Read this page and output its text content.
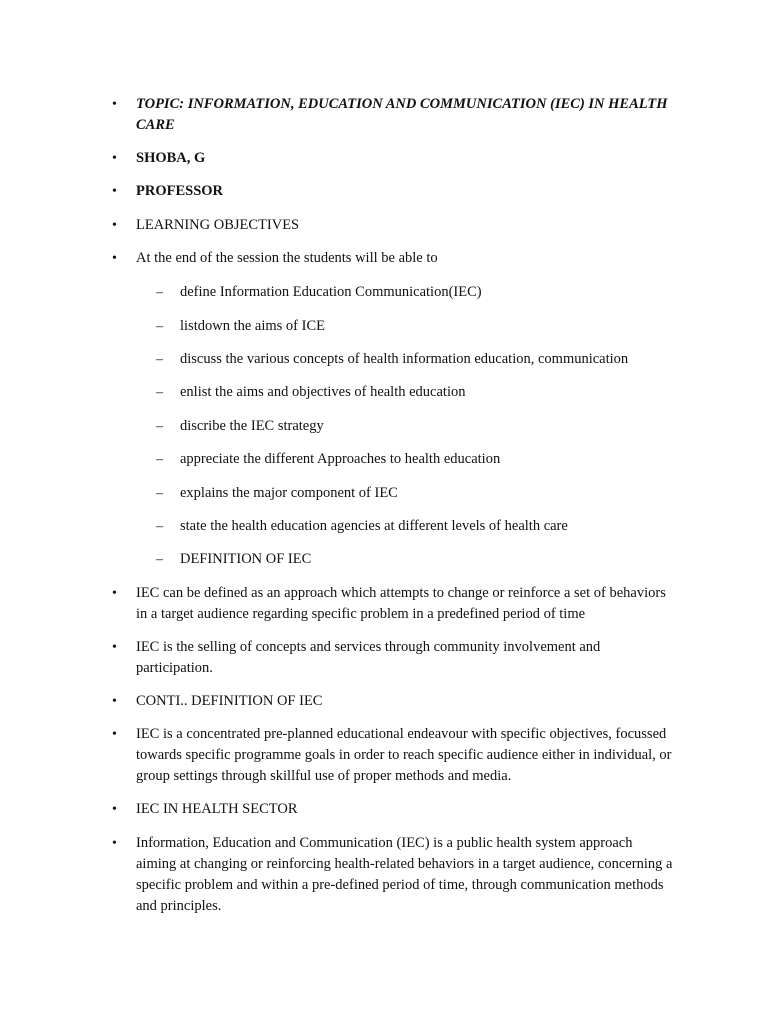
• TOPIC: INFORMATION, EDUCATION AND COMMUNICATION (IEC) IN HEALTH CARE
• SHOBA, G
• PROFESSOR
• LEARNING OBJECTIVES
• At the end of the session the students will be able to
– define Information Education Communication(IEC)
– listdown the aims of ICE
– discuss the various concepts of health information education, communication
– enlist the aims and objectives of health education
– discribe the IEC strategy
– appreciate the different Approaches to health education
– explains the major component of IEC
– state the health education agencies at different levels of health care
– DEFINITION OF IEC
• IEC can be defined as an approach which attempts to change or reinforce a set of behaviors in a target audience regarding specific problem in a predefined period of time
• IEC is the selling of concepts and services through community involvement and participation.
• CONTI.. DEFINITION OF IEC
• IEC is a concentrated pre-planned educational endeavour with specific objectives, focussed towards specific programme goals in order to reach specific audience either in individual, or group settings through skillful use of proper methods and media.
• IEC IN HEALTH SECTOR
• Information, Education and Communication (IEC) is a public health system approach aiming at changing or reinforcing health-related behaviors in a target audience, concerning a specific problem and within a pre-defined period of time, through communication methods and principles.
